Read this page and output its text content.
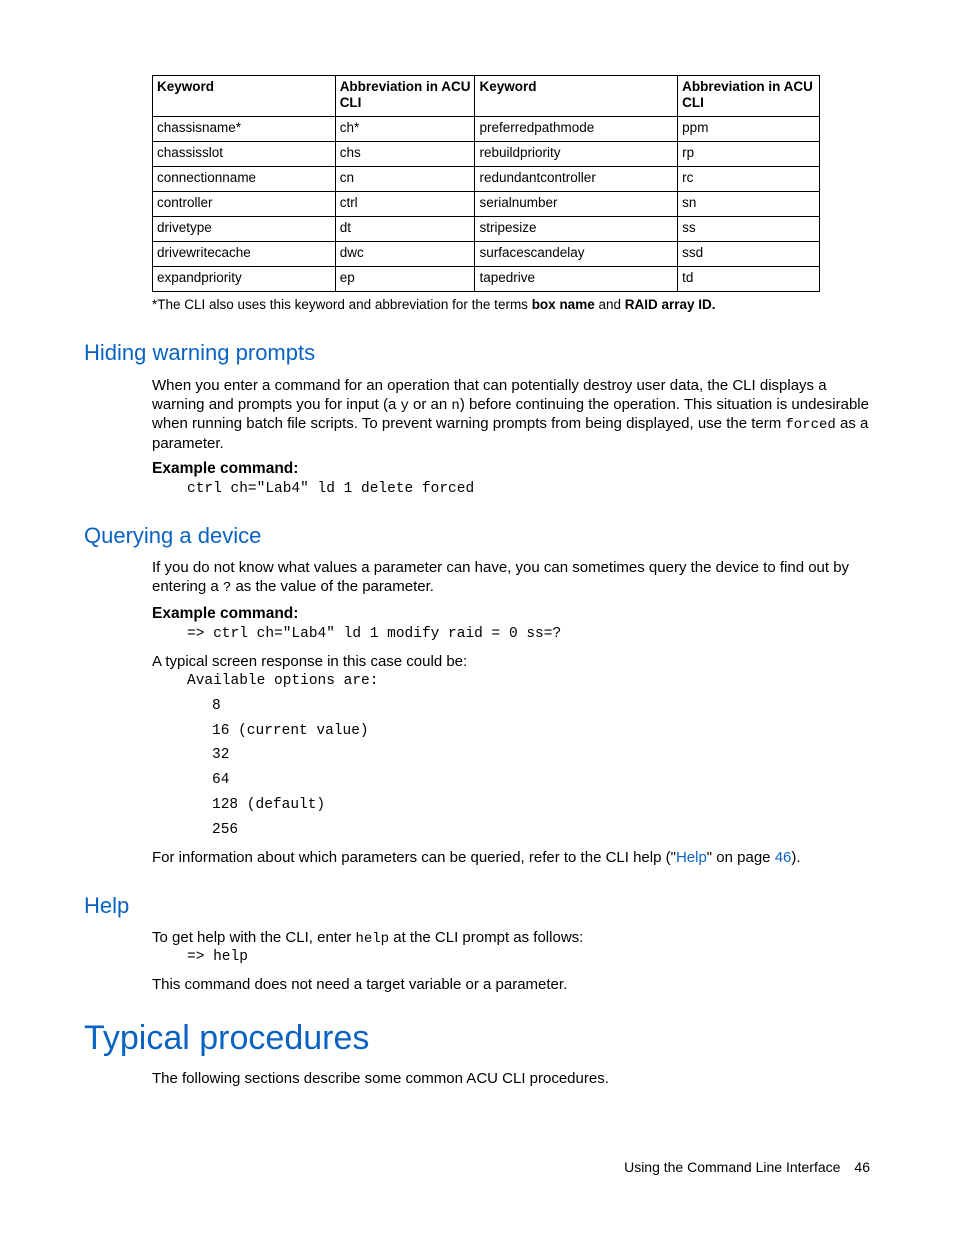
Keyword	Abbreviation in ACU CLI	Keyword	Abbreviation in ACU CLI
chassisname*	ch*	preferredpathmode	ppm
chassisslot	chs	rebuildpriority	rp
connectionname	cn	redundantcontroller	rc
controller	ctrl	serialnumber	sn
drivetype	dt	stripesize	ss
drivewritecache	dwc	surfacescandelay	ssd
expandpriority	ep	tapedrive	td
*The CLI also uses this keyword and abbreviation for the terms box name and RAID array ID.
Hiding warning prompts

When you enter a command for an operation that can potentially destroy user data, the CLI displays a warning and prompts you for input (a y or an n) before continuing the operation. This situation is undesirable when running batch file scripts. To prevent warning prompts from being displayed, use the term forced as a parameter.

Example command:
ctrl ch="Lab4" ld 1 delete forced
Querying a device

If you do not know what values a parameter can have, you can sometimes query the device to find out by entering a ? as the value of the parameter.

Example command:
=> ctrl ch="Lab4" ld 1 modify raid = 0 ss=?

A typical screen response in this case could be:

Available options are:
8
16 (current value)
32
64
128 (default)
256

For information about which parameters can be queried, refer to the CLI help ("Help" on page 46).

Help

To get help with the CLI, enter help at the CLI prompt as follows:

=> help

This command does not need a target variable or a parameter.

Typical procedures

The following sections describe some common ACU CLI procedures.

Using the Command Line Interface 46
